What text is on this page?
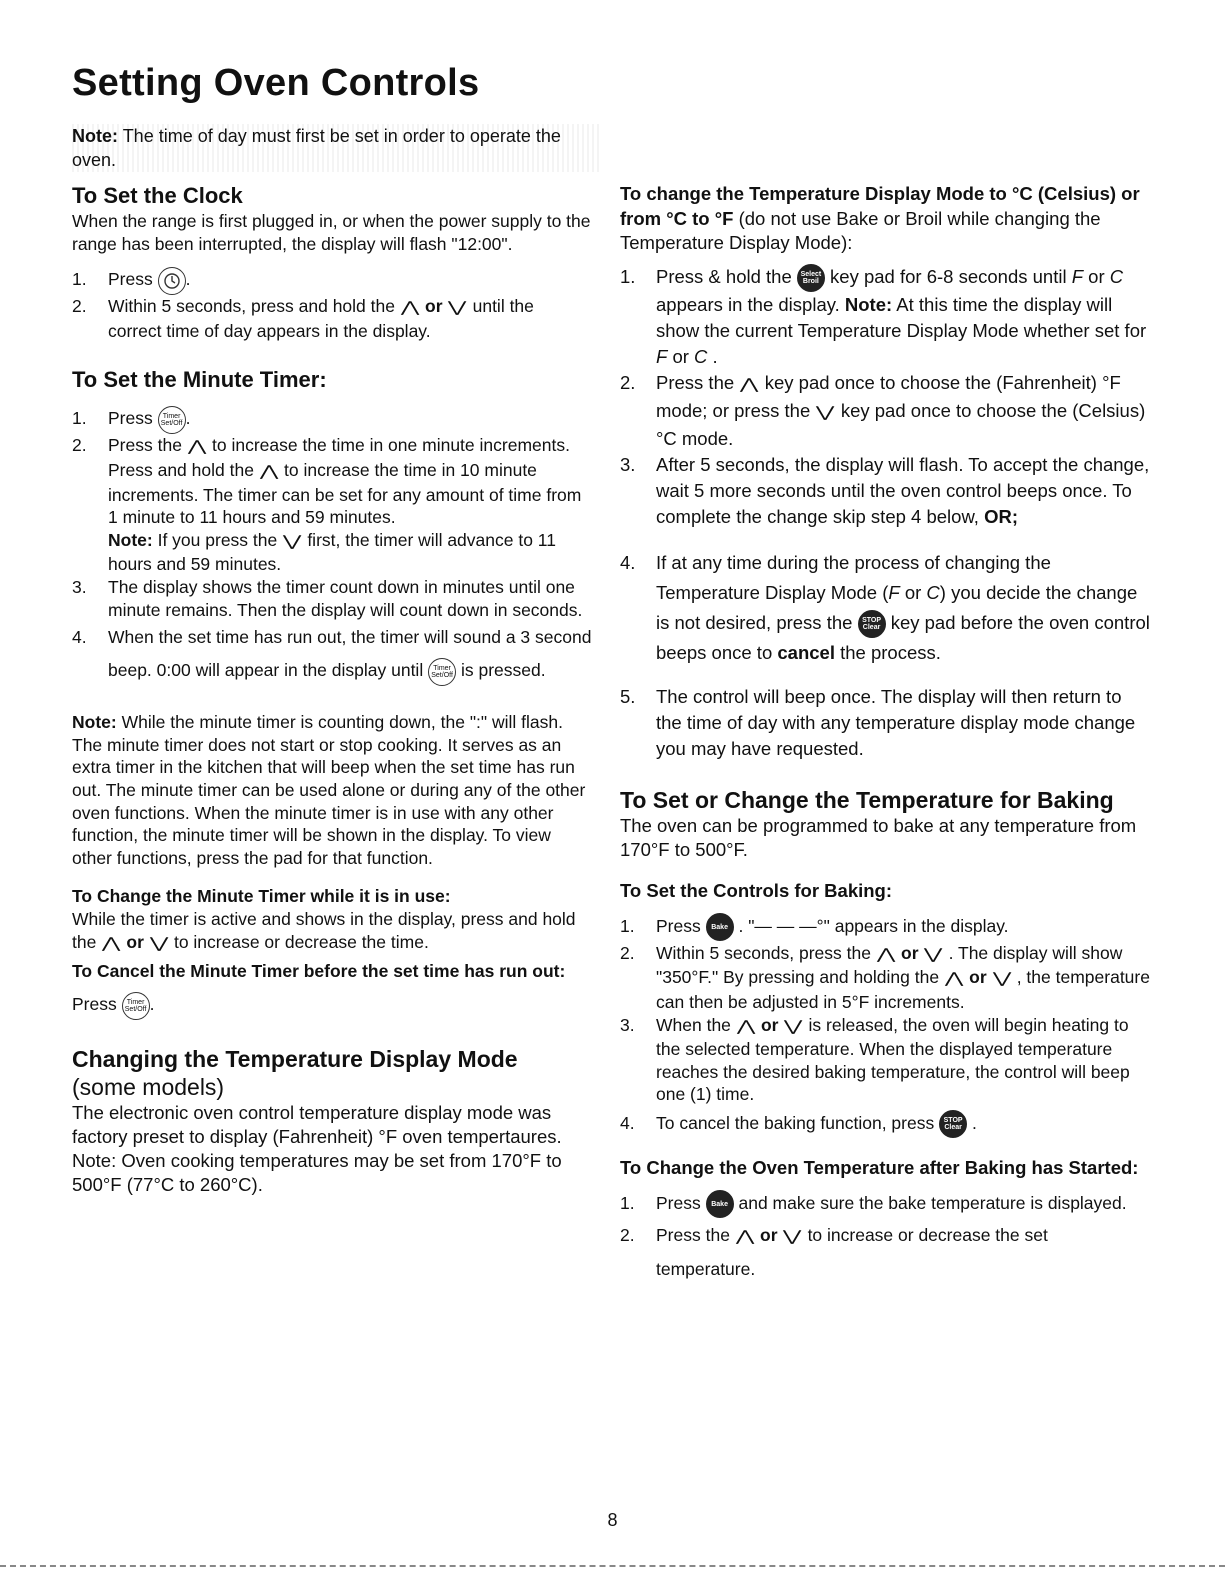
Setting Oven Controls
Note: The time of day must first be set in order to operate the oven.
To Set the Clock

When the range is first plugged in, or when the power supply to the range has been interrupted, the display will flash "12:00".

1. Press .
2. Within 5 seconds, press and hold the ⋀ or ⋁ until the correct time of day appears in the display.
To Set the Minute Timer:
1. Press Timer Set/Off .
2. Press the ⋀ to increase the time in one minute increments. Press and hold the ⋀ to increase the time in 10 minute increments. The timer can be set for any amount of time from 1 minute to 11 hours and 59 minutes.
Note: If you press the ⋁ first, the timer will advance to 11 hours and 59 minutes.
3. The display shows the timer count down in minutes until one minute remains. Then the display will count down in seconds.
4. When the set time has run out, the timer will sound a 3 second beep. 0:00 will appear in the display until Timer Set/Off is pressed.

Note: While the minute timer is counting down, the ":" will flash. The minute timer does not start or stop cooking. It serves as an extra timer in the kitchen that will beep when the set time has run out. The minute timer can be used alone or during any of the other oven functions. When the minute timer is in use with any other function, the minute timer will be shown in the display. To view other functions, press the pad for that function.

To Change the Minute Timer while it is in use:

While the timer is active and shows in the display, press and hold the ⋀ or ⋁ to increase or decrease the time.

To Cancel the Minute Timer before the set time has run out: Press Timer Set/Off .

Changing the Temperature Display Mode
(some models)

The electronic oven control temperature display mode was factory preset to display (Fahrenheit) °F oven tempertaures. Note: Oven cooking temperatures may be set from 170°F to 500°F (77°C to 260°C).

To change the Temperature Display Mode to °C (Celsius) or from °C to °F (do not use Bake or Broil while changing the Temperature Display Mode):

1. Press & hold the Select Broil key pad for 6-8 seconds until F or C appears in the display. Note: At this time the display will show the current Temperature Display Mode whether set for F or C .
2. Press the ⋀ key pad once to choose the (Fahrenheit) °F mode; or press the ⋁ key pad once to choose the (Celsius) °C mode.
3. After 5 seconds, the display will flash. To accept the change, wait 5 more seconds until the oven control beeps once. To complete the change skip step 4 below, OR;
4. If at any time during the process of changing the Temperature Display Mode (F or C) you decide the change is not desired, press the STOP Clear key pad before the oven control beeps once to cancel the process.
5. The control will beep once. The display will then return to the time of day with any temperature display mode change you may have requested.
To Set or Change the Temperature for Baking

The oven can be programmed to bake at any temperature from 170°F to 500°F.

To Set the Controls for Baking:
1. Press Bake . "— — —°" appears in the display.
2. Within 5 seconds, press the ⋀ or ⋁ . The display will show "350°F." By pressing and holding the ⋀ or ⋁ , the temperature can then be adjusted in 5°F increments.
3. When the ⋀ or ⋁ is released, the oven will begin heating to the selected temperature. When the displayed temperature reaches the desired baking temperature, the control will beep one (1) time.
4. To cancel the baking function, press STOP Clear .
To Change the Oven Temperature after Baking has Started:
1. Press Bake and make sure the bake temperature is displayed.
2. Press the ⋀ or ⋁ to increase or decrease the set temperature.
8
